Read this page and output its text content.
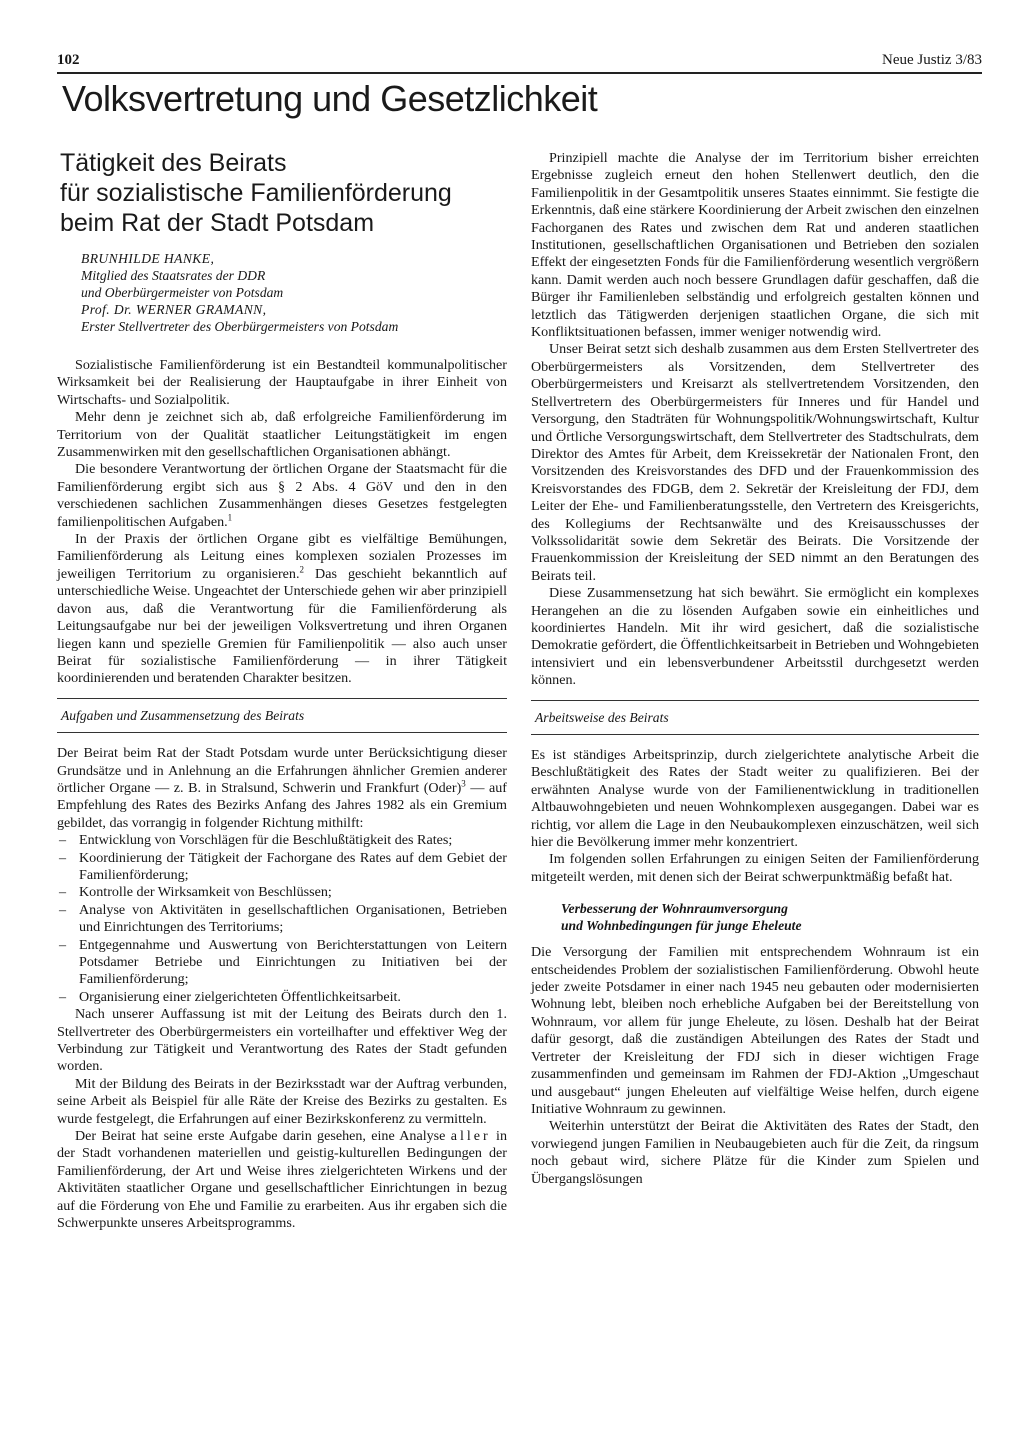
102	Neue Justiz 3/83
Volksvertretung und Gesetzlichkeit
Tätigkeit des Beirats
für sozialistische Familienförderung
beim Rat der Stadt Potsdam
BRUNHILDE HANKE,
Mitglied des Staatsrates der DDR
und Oberbürgermeister von Potsdam
Prof. Dr. WERNER GRAMANN,
Erster Stellvertreter des Oberbürgermeisters von Potsdam

Sozialistische Familienförderung ist ein Bestandteil kommunalpolitischer Wirksamkeit bei der Realisierung der Hauptaufgabe in ihrer Einheit von Wirtschafts- und Sozialpolitik.

Mehr denn je zeichnet sich ab, daß erfolgreiche Familienförderung im Territorium von der Qualität staatlicher Leitungstätigkeit im engen Zusammenwirken mit den gesellschaftlichen Organisationen abhängt.

Die besondere Verantwortung der örtlichen Organe der Staatsmacht für die Familienförderung ergibt sich aus § 2 Abs. 4 GöV und den in den verschiedenen sachlichen Zusammenhängen dieses Gesetzes festgelegten familienpolitischen Aufgaben.$^1$

In der Praxis der örtlichen Organe gibt es vielfältige Bemühungen, Familienförderung als Leitung eines komplexen sozialen Prozesses im jeweiligen Territorium zu organisieren.$^2$ Das geschieht bekanntlich auf unterschiedliche Weise. Ungeachtet der Unterschiede gehen wir aber prinzipiell davon aus, daß die Verantwortung für die Familienförderung als Leitungsaufgabe nur bei der jeweiligen Volksvertretung und ihren Organen liegen kann und spezielle Gremien für Familienpolitik — also auch unser Beirat für sozialistische Familienförderung — in ihrer Tätigkeit koordinierenden und beratenden Charakter besitzen.

Aufgaben und Zusammensetzung des Beirats

Der Beirat beim Rat der Stadt Potsdam wurde unter Berücksichtigung dieser Grundsätze und in Anlehnung an die Erfahrungen ähnlicher Gremien anderer örtlicher Organe — z. B. in Stralsund, Schwerin und Frankfurt (Oder)$^3$ — auf Empfehlung des Rates des Bezirks Anfang des Jahres 1982 als ein Gremium gebildet, das vorrangig in folgender Richtung mithilft:

– Entwicklung von Vorschlägen für die Beschlußtätigkeit des Rates;
– Koordinierung der Tätigkeit der Fachorgane des Rates auf dem Gebiet der Familienförderung;
– Kontrolle der Wirksamkeit von Beschlüssen;
– Analyse von Aktivitäten in gesellschaftlichen Organisationen, Betrieben und Einrichtungen des Territoriums;
– Entgegennahme und Auswertung von Berichterstattungen von Leitern Potsdamer Betriebe und Einrichtungen zu Initiativen bei der Familienförderung;
– Organisierung einer zielgerichteten Öffentlichkeitsarbeit.

Nach unserer Auffassung ist mit der Leitung des Beirats durch den 1. Stellvertreter des Oberbürgermeisters ein vorteilhafter und effektiver Weg der Verbindung zur Tätigkeit und Verantwortung des Rates der Stadt gefunden worden.

Mit der Bildung des Beirats in der Bezirksstadt war der Auftrag verbunden, seine Arbeit als Beispiel für alle Räte der Kreise des Bezirks zu gestalten. Es wurde festgelegt, die Erfahrungen auf einer Bezirkskonferenz zu vermitteln.

Der Beirat hat seine erste Aufgabe darin gesehen, eine Analyse aller in der Stadt vorhandenen materiellen und geistig-kulturellen Bedingungen der Familienförderung, der Art und Weise ihres zielgerichteten Wirkens und der Aktivitäten staatlicher Organe und gesellschaftlicher Einrichtungen in bezug auf die Förderung von Ehe und Familie zu erarbeiten. Aus ihr ergaben sich die Schwerpunkte unseres Arbeitsprogramms.

Prinzipiell machte die Analyse der im Territorium bisher erreichten Ergebnisse zugleich erneut den hohen Stellenwert deutlich, den die Familienpolitik in der Gesamtpolitik unseres Staates einnimmt. Sie festigte die Erkenntnis, daß eine stärkere Koordinierung der Arbeit zwischen den einzelnen Fachorganen des Rates und zwischen dem Rat und anderen staatlichen Institutionen, gesellschaftlichen Organisationen und Betrieben den sozialen Effekt der eingesetzten Fonds für die Familienförderung wesentlich vergrößern kann. Damit werden auch noch bessere Grundlagen dafür geschaffen, daß die Bürger ihr Familienleben selbständig und erfolgreich gestalten können und letztlich das Tätigwerden derjenigen staatlichen Organe, die sich mit Konfliktsituationen befassen, immer weniger notwendig wird.

Unser Beirat setzt sich deshalb zusammen aus dem Ersten Stellvertreter des Oberbürgermeisters als Vorsitzenden, dem Stellvertreter des Oberbürgermeisters und Kreisarzt als stellvertretendem Vorsitzenden, den Stellvertretern des Oberbürgermeisters für Inneres und für Handel und Versorgung, den Stadträten für Wohnungspolitik/Wohnungswirtschaft, Kultur und Örtliche Versorgungswirtschaft, dem Stellvertreter des Stadtschulrats, dem Direktor des Amtes für Arbeit, dem Kreissekretär der Nationalen Front, den Vorsitzenden des Kreisvorstandes des DFD und der Frauenkommission des Kreisvorstandes des FDGB, dem 2. Sekretär der Kreisleitung der FDJ, dem Leiter der Ehe- und Familienberatungsstelle, den Vertretern des Kreisgerichts, des Kollegiums der Rechtsanwälte und des Kreisausschusses der Volkssolidarität sowie dem Sekretär des Beirats. Die Vorsitzende der Frauenkommission der Kreisleitung der SED nimmt an den Beratungen des Beirats teil.

Diese Zusammensetzung hat sich bewährt. Sie ermöglicht ein komplexes Herangehen an die zu lösenden Aufgaben sowie ein einheitliches und koordiniertes Handeln. Mit ihr wird gesichert, daß die sozialistische Demokratie gefördert, die Öffentlichkeitsarbeit in Betrieben und Wohngebieten intensiviert und ein lebensverbundener Arbeitsstil durchgesetzt werden können.

Arbeitsweise des Beirats

Es ist ständiges Arbeitsprinzip, durch zielgerichtete analytische Arbeit die Beschlußtätigkeit des Rates der Stadt weiter zu qualifizieren. Bei der erwähnten Analyse wurde von der Familienentwicklung in traditionellen Altbauwohngebieten und neuen Wohnkomplexen ausgegangen. Dabei war es richtig, vor allem die Lage in den Neubaukomplexen einzuschätzen, weil sich hier die Bevölkerung immer mehr konzentriert.

Im folgenden sollen Erfahrungen zu einigen Seiten der Familienförderung mitgeteilt werden, mit denen sich der Beirat schwerpunktmäßig befaßt hat.

Verbesserung der Wohnraumversorgung
und Wohnbedingungen für junge Eheleute

Die Versorgung der Familien mit entsprechendem Wohnraum ist ein entscheidendes Problem der sozialistischen Familienförderung. Obwohl heute jeder zweite Potsdamer in einer nach 1945 neu gebauten oder modernisierten Wohnung lebt, bleiben noch erhebliche Aufgaben bei der Bereitstellung von Wohnraum, vor allem für junge Eheleute, zu lösen. Deshalb hat der Beirat dafür gesorgt, daß die zuständigen Abteilungen des Rates der Stadt und Vertreter der Kreisleitung der FDJ sich in dieser wichtigen Frage zusammenfinden und gemeinsam im Rahmen der FDJ-Aktion „Umgeschaut und ausgebaut“ jungen Eheleuten auf vielfältige Weise helfen, durch eigene Initiative Wohnraum zu gewinnen.

Weiterhin unterstützt der Beirat die Aktivitäten des Rates der Stadt, den vorwiegend jungen Familien in Neubaugebieten auch für die Zeit, da ringsum noch gebaut wird, sichere Plätze für die Kinder zum Spielen und Übergangslösungen
